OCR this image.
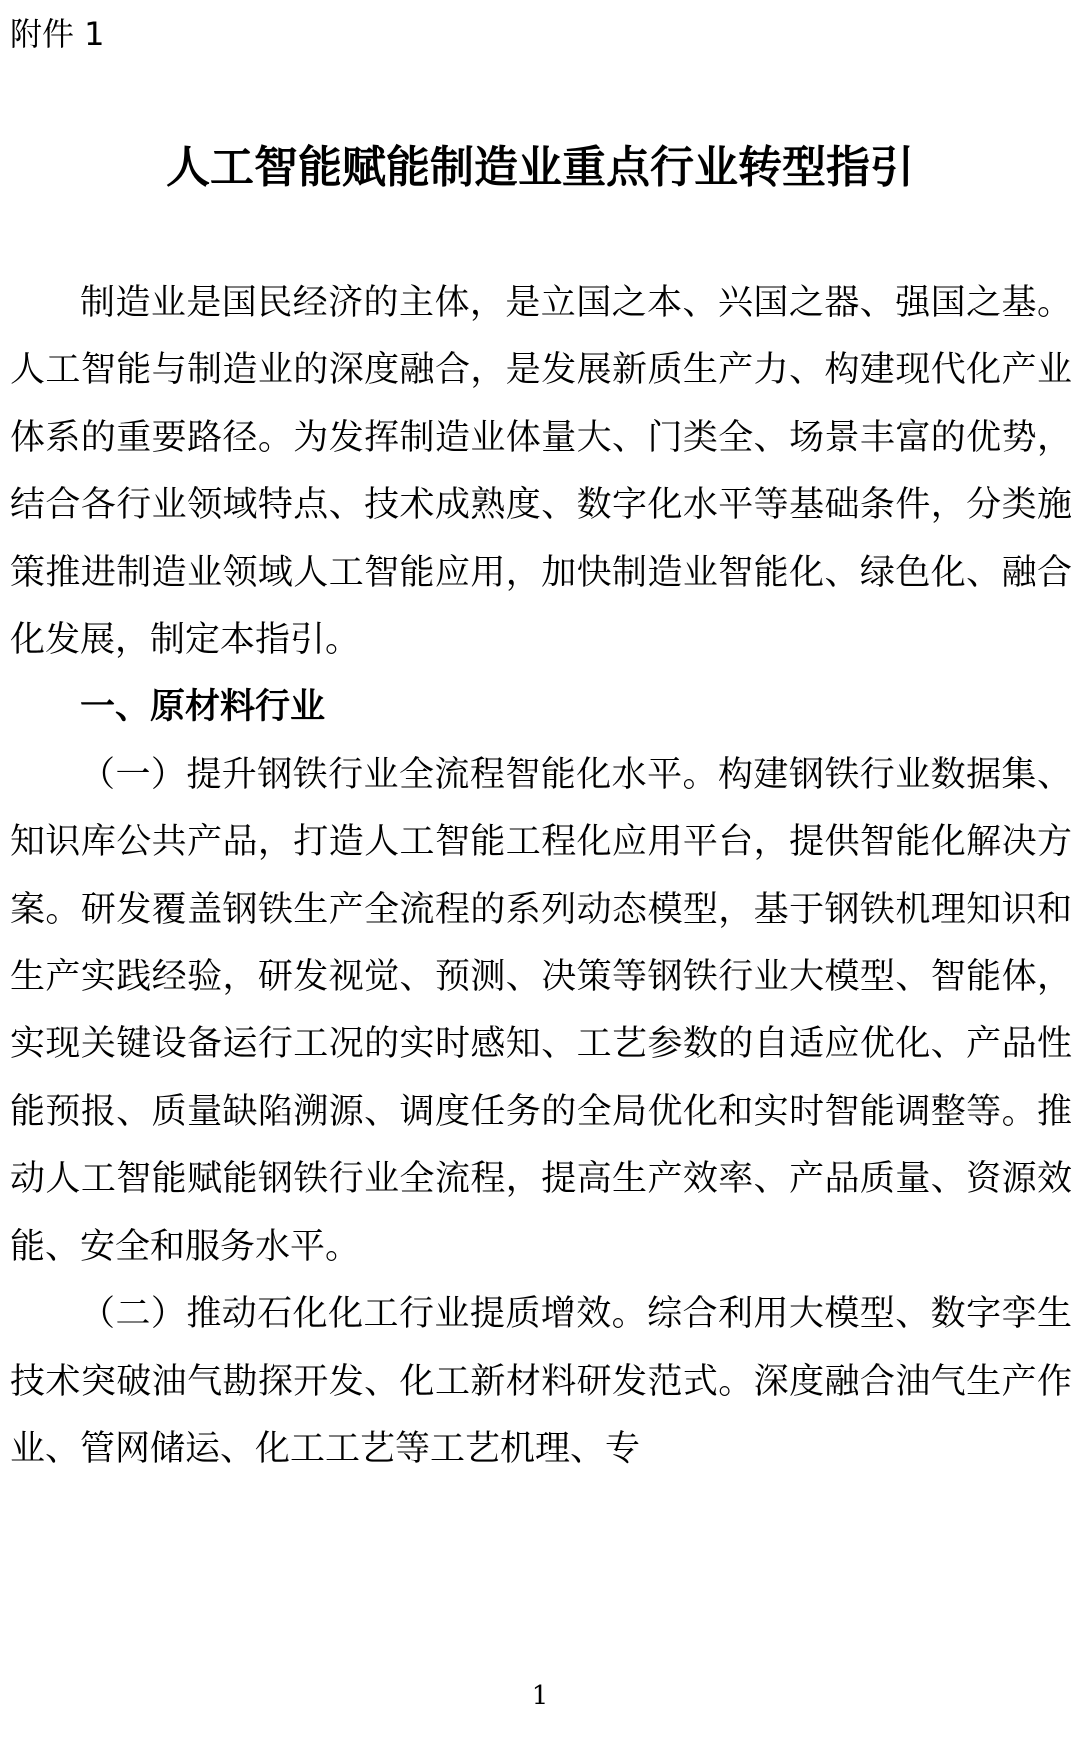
附件 1

人工智能赋能制造业重点行业转型指引

制造业是国民经济的主体，是立国之本、兴国之器、强国之基。人工智能与制造业的深度融合，是发展新质生产力、构建现代化产业体系的重要路径。为发挥制造业体量大、门类全、场景丰富的优势，结合各行业领域特点、技术成熟度、数字化水平等基础条件，分类施策推进制造业领域人工智能应用，加快制造业智能化、绿色化、融合化发展，制定本指引。

一、原材料行业

（一）提升钢铁行业全流程智能化水平。构建钢铁行业数据集、知识库公共产品，打造人工智能工程化应用平台，提供智能化解决方案。研发覆盖钢铁生产全流程的系列动态模型，基于钢铁机理知识和生产实践经验，研发视觉、预测、决策等钢铁行业大模型、智能体，实现关键设备运行工况的实时感知、工艺参数的自适应优化、产品性能预报、质量缺陷溯源、调度任务的全局优化和实时智能调整等。推动人工智能赋能钢铁行业全流程，提高生产效率、产品质量、资源效能、安全和服务水平。

（二）推动石化化工行业提质增效。综合利用大模型、数字孪生技术突破油气勘探开发、化工新材料研发范式。深度融合油气生产作业、管网储运、化工工艺等工艺机理、专

1
